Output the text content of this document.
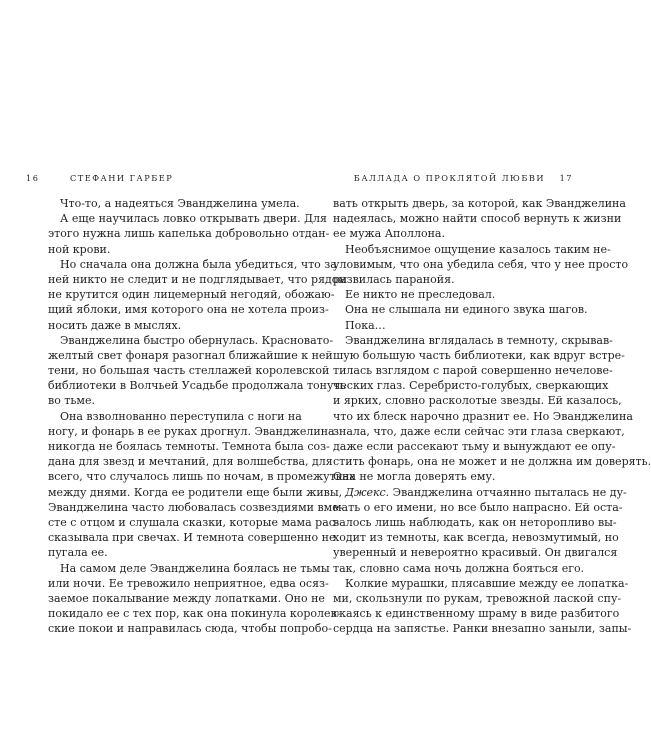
16	СТЕФАНИ ГАРБЕР
Что-то, а надеяться Эванджелина умела.
А еще научилась ловко открывать двери. Для
этого нужна лишь капелька добровольно отдан-
ной крови.
Но сначала она должна была убедиться, что за
ней никто не следит и не подглядывает, что рядом
не крутится один лицемерный негодяй, обожаю-
щий яблоки, имя которого она не хотела произ-
носить даже в мыслях.
Эванджелина быстро обернулась. Красновато-
желтый свет фонаря разогнал ближайшие к ней
тени, но большая часть стеллажей королевской
библиотеки в Волчьей Усадьбе продолжала тонуть
во тьме.
Она взволнованно переступила с ноги на
ногу, и фонарь в ее руках дрогнул. Эванджелина
никогда не боялась темноты. Темнота была соз-
дана для звезд и мечтаний, для волшебства, для
всего, что случалось лишь по ночам, в промежутках
между днями. Когда ее родители еще были живы,
Эванджелина часто любовалась созвездиями вме-
сте с отцом и слушала сказки, которые мама рас-
сказывала при свечах. И темнота совершенно не
пугала ее.
На самом деле Эванджелина боялась не тьмы
или ночи. Ее тревожило неприятное, едва осяз-
заемое покалывание между лопатками. Оно не
покидало ее с тех пор, как она покинула королев-
ские покои и направилась сюда, чтобы попробо-
БАЛЛАДА О ПРОКЛЯТОЙ ЛЮБВИ 17
вать открыть дверь, за которой, как Эванджелина
надеялась, можно найти способ вернуть к жизни
ее мужа Аполлона.
Необъяснимое ощущение казалось таким не-
уловимым, что она убедила себя, что у нее просто
развилась паранойя.
Ее никто не преследовал.
Она не слышала ни единого звука шагов.
Пока…
Эванджелина вглядалась в темноту, скрывав-
шую большую часть библиотеки, как вдруг встре-
тилась взглядом с парой совершенно нечелове-
ческих глаз. Серебристо-голубых, сверкающих
и ярких, словно расколотые звезды. Ей казалось,
что их блеск нарочно дразнит ее. Но Эванджелина
знала, что, даже если сейчас эти глаза сверкают,
даже если рассекают тьму и вынуждают ее опу-
стить фонарь, она не может и не должна им доверять.
Она не могла доверять ему.
Джекс. Эванджелина отчаянно пыталась не ду-
мать о его имени, но все было напрасно. Ей оста-
валось лишь наблюдать, как он неторопливо вы-
ходит из темноты, как всегда, невозмутимый, но
уверенный и невероятно красивый. Он двигался
так, словно сама ночь должна бояться его.
Колкие мурашки, плясавшие между ее лопатка-
ми, скользнули по рукам, тревожной лаской спу-
скаясь к единственному шраму в виде разбитого
сердца на запястье. Ранки внезапно заныли, запы-
